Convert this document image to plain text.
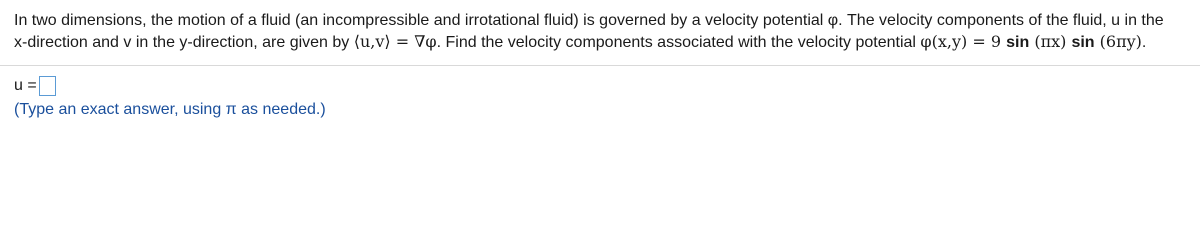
In two dimensions, the motion of a fluid (an incompressible and irrotational fluid) is governed by a velocity potential φ. The velocity components of the fluid, u in the
x-direction and v in the y-direction, are given by ⟨u,v⟩ = ∇φ. Find the velocity components associated with the velocity potential φ(x,y) = 9 sin (πx) sin (6πy).
u =
(Type an exact answer, using π as needed.)
